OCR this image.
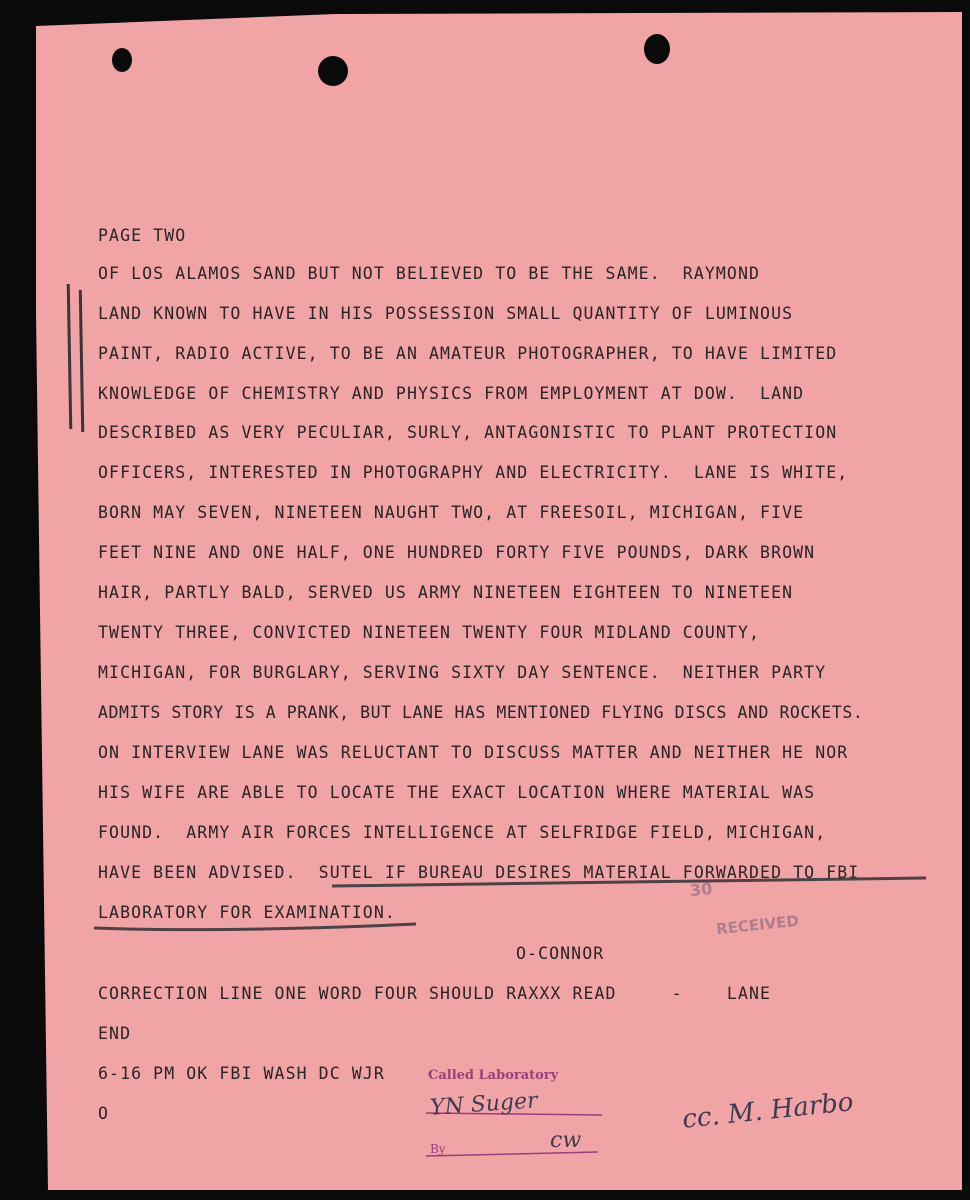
PAGE TWO
OF LOS ALAMOS SAND BUT NOT BELIEVED TO BE THE SAME.  RAYMOND
LAND KNOWN TO HAVE IN HIS POSSESSION SMALL QUANTITY OF LUMINOUS
PAINT, RADIO ACTIVE, TO BE AN AMATEUR PHOTOGRAPHER, TO HAVE LIMITED
KNOWLEDGE OF CHEMISTRY AND PHYSICS FROM EMPLOYMENT AT DOW.  LAND
DESCRIBED AS VERY PECULIAR, SURLY, ANTAGONISTIC TO PLANT PROTECTION
OFFICERS, INTERESTED IN PHOTOGRAPHY AND ELECTRICITY.  LANE IS WHITE,
BORN MAY SEVEN, NINETEEN NAUGHT TWO, AT FREESOIL, MICHIGAN, FIVE
FEET NINE AND ONE HALF, ONE HUNDRED FORTY FIVE POUNDS, DARK BROWN
HAIR, PARTLY BALD, SERVED US ARMY NINETEEN EIGHTEEN TO NINETEEN
TWENTY THREE, CONVICTED NINETEEN TWENTY FOUR MIDLAND COUNTY,
MICHIGAN, FOR BURGLARY, SERVING SIXTY DAY SENTENCE.  NEITHER PARTY
ADMITS STORY IS A PRANK, BUT LANE HAS MENTIONED FLYING DISCS AND ROCKETS.
ON INTERVIEW LANE WAS RELUCTANT TO DISCUSS MATTER AND NEITHER HE NOR
HIS WIFE ARE ABLE TO LOCATE THE EXACT LOCATION WHERE MATERIAL WAS
FOUND.  ARMY AIR FORCES INTELLIGENCE AT SELFRIDGE FIELD, MICHIGAN,
HAVE BEEN ADVISED.  SUTEL IF BUREAU DESIRES MATERIAL FORWARDED TO FBI
LABORATORY FOR EXAMINATION.
O-CONNOR
CORRECTION LINE ONE WORD FOUR SHOULD RAXXX READ     -    LANE
END
6-16 PM OK FBI WASH DC WJR
O
RECEIVED
30
Called Laboratory
By
YN Suger
cw
cc. M. Harbo
